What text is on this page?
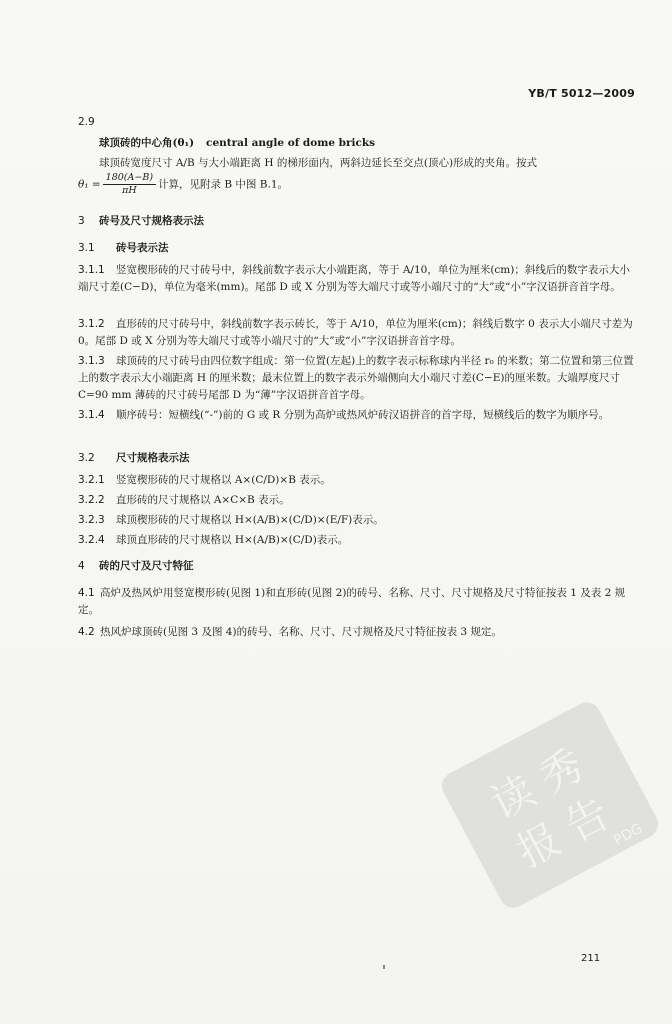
YB/T 5012—2009
2.9
球顶砖的中心角(θ₁) central angle of dome bricks
球顶砖宽度尺寸 A/B 与大小端距离 H 的梯形面内，两斜边延长至交点(顶心)形成的夹角。按式
$\theta_1 = \frac{180(A-B)}{\pi H}$ 计算，见附录 B 中图 B.1。
3 砖号及尺寸规格表示法
3.1 砖号表示法
3.1.1 竖宽楔形砖的尺寸砖号中，斜线前数字表示大小端距离，等于 A/10，单位为厘米(cm)；斜线后的数字表示大小端尺寸差(C−D)，单位为毫米(mm)。尾部 D 或 X 分别为等大端尺寸或等小端尺寸的“大”或“小”字汉语拼音首字母。
3.1.2 直形砖的尺寸砖号中，斜线前数字表示砖长，等于 A/10，单位为厘米(cm)；斜线后数字 0 表示大小端尺寸差为 0。尾部 D 或 X 分别为等大端尺寸或等小端尺寸的“大”或“小”字汉语拼音首字母。
3.1.3 球顶砖的尺寸砖号由四位数字组成：第一位置(左起)上的数字表示标称球内半径 r₀ 的米数；第二位置和第三位置上的数字表示大小端距离 H 的厘米数；最末位置上的数字表示外端侧向大小端尺寸差(C−E)的厘米数。大端厚度尺寸 C=90 mm 薄砖的尺寸砖号尾部 D 为“薄”字汉语拼音首字母。
3.1.4 顺序砖号：短横线(“-”)前的 G 或 R 分别为高炉或热风炉砖汉语拼音的首字母，短横线后的数字为顺序号。
3.2 尺寸规格表示法
3.2.1 竖宽楔形砖的尺寸规格以 A×(C/D)×B 表示。
3.2.2 直形砖的尺寸规格以 A×C×B 表示。
3.2.3 球顶楔形砖的尺寸规格以 H×(A/B)×(C/D)×(E/F)表示。
3.2.4 球顶直形砖的尺寸规格以 H×(A/B)×(C/D)表示。
4 砖的尺寸及尺寸特征
4.1 高炉及热风炉用竖宽楔形砖(见图 1)和直形砖(见图 2)的砖号、名称、尺寸、尺寸规格及尺寸特征按表 1 及表 2 规定。
4.2 热风炉球顶砖(见图 3 及图 4)的砖号、名称、尺寸、尺寸规格及尺寸特征按表 3 规定。
读
秀
报
告
PDG
211
